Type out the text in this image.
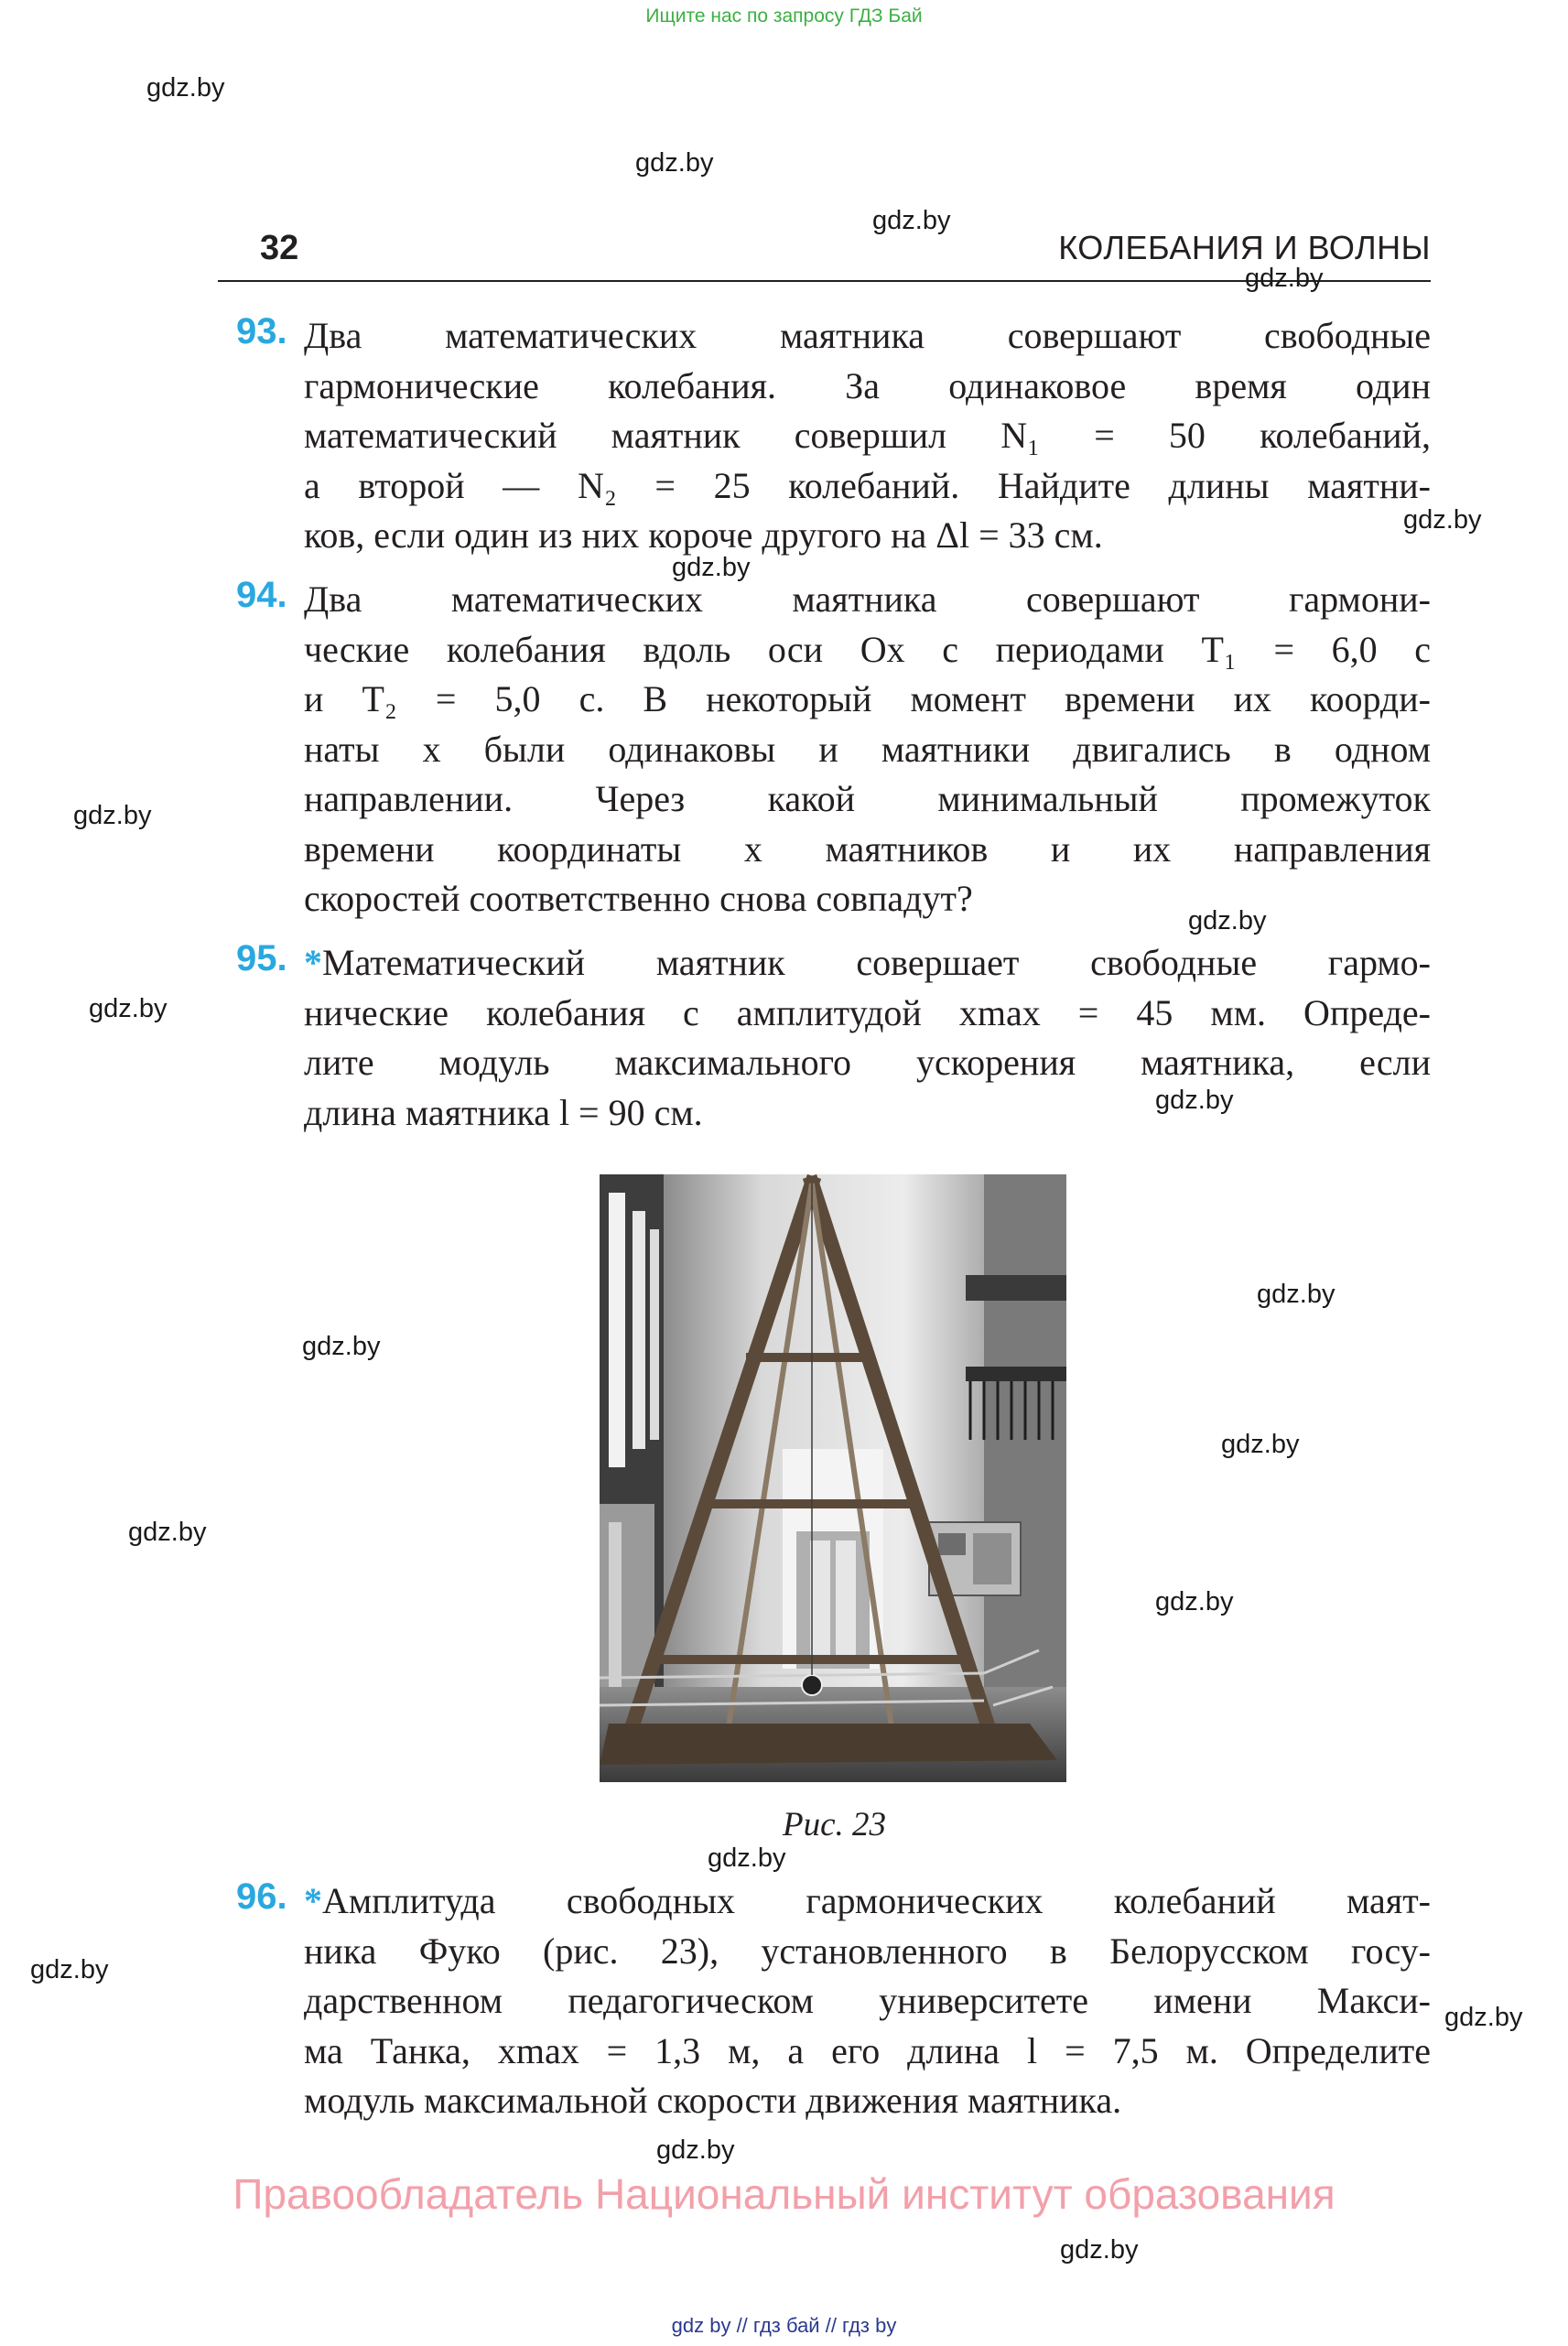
Ищите нас по запросу ГДЗ Бай
32	КОЛЕБАНИЯ И ВОЛНЫ
93. Два математических маятника совершают свободные
гармонические колебания. За одинаковое время один
математический маятник совершил N₁ = 50 колебаний,
а второй — N₂ = 25 колебаний. Найдите длины маятни-
ков, если один из них короче другого на Δl = 33 см.
94. Два математических маятника совершают гармони-
ческие колебания вдоль оси Ox с периодами T₁ = 6,0 с
и T₂ = 5,0 с. В некоторый момент времени их коорди-
наты x были одинаковы и маятники двигались в одном
направлении. Через какой минимальный промежуток
времени координаты x маятников и их направления
скоростей соответственно снова совпадут?
95. *Математический маятник совершает свободные гармо-
нические колебания с амплитудой xmax = 45 мм. Опреде-
лите модуль максимального ускорения маятника, если
длина маятника l = 90 см.
Рис. 23
96. *Амплитуда свободных гармонических колебаний маят-
ника Фуко (рис. 23), установленного в Белорусском госу-
дарственном педагогическом университете имени Макси-
ма Танка, xmax = 1,3 м, а его длина l = 7,5 м. Определите
модуль максимальной скорости движения маятника.
Правообладатель Национальный институт образования
gdz by // гдз бай // гдз by
gdz.by
gdz.by
gdz.by
gdz.by
gdz.by
gdz.by
gdz.by
gdz.by
gdz.by
gdz.by
gdz.by
gdz.by
gdz.by
gdz.by
gdz.by
gdz.by
gdz.by
gdz.by
gdz.by
gdz.by
